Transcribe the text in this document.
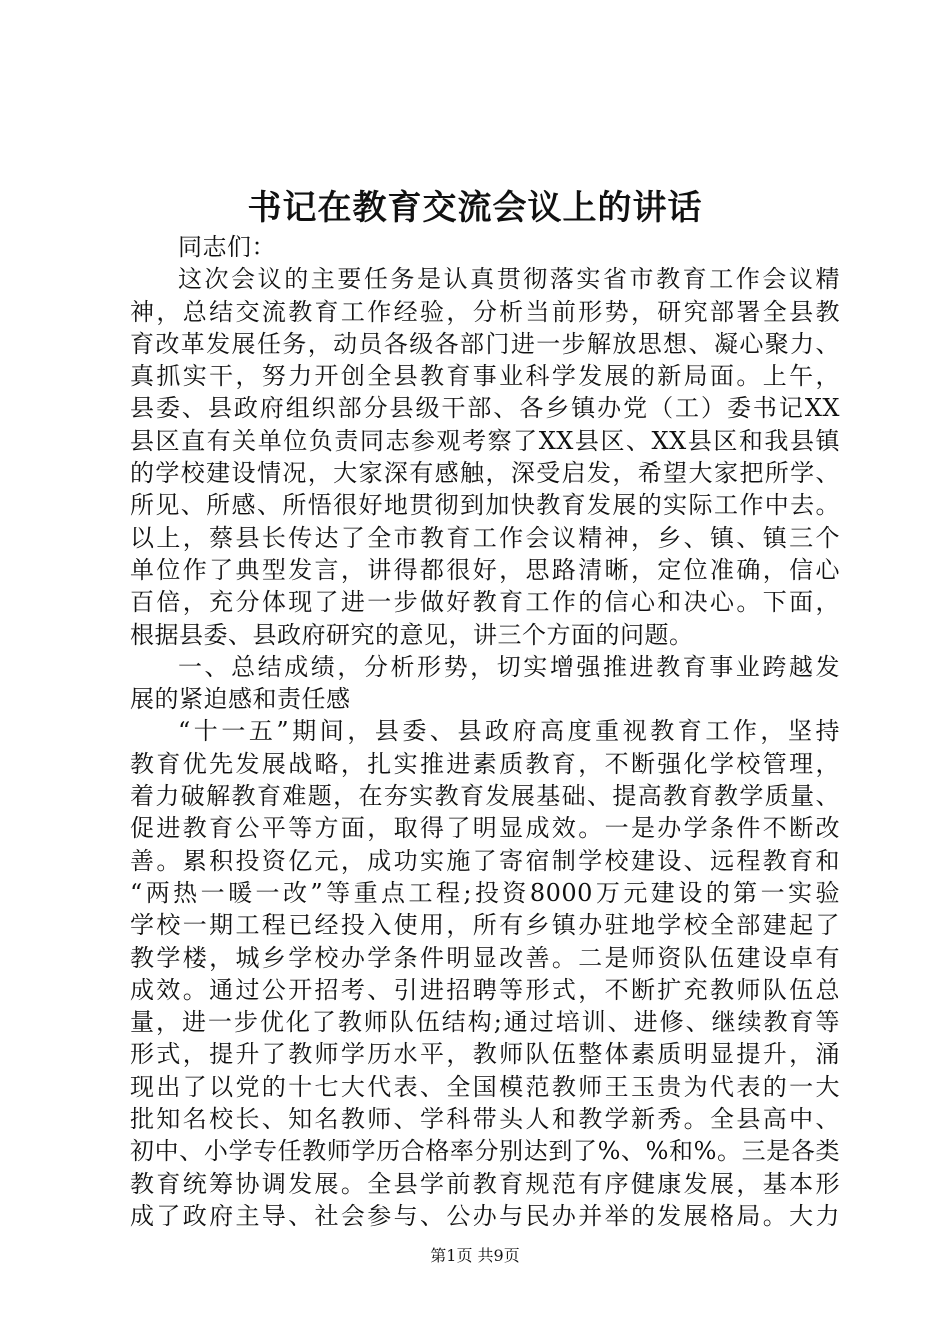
书记在教育交流会议上的讲话
同志们：
这次会议的主要任务是认真贯彻落实省市教育工作会议精
神，总结交流教育工作经验，分析当前形势，研究部署全县教
育改革发展任务，动员各级各部门进一步解放思想、凝心聚力、
真抓实干，努力开创全县教育事业科学发展的新局面。上午，
县委、县政府组织部分县级干部、各乡镇办党（工）委书记XX
县区直有关单位负责同志参观考察了XX县区、XX县区和我县镇
的学校建设情况，大家深有感触，深受启发，希望大家把所学、
所见、所感、所悟很好地贯彻到加快教育发展的实际工作中去。
以上，蔡县长传达了全市教育工作会议精神，乡、镇、镇三个
单位作了典型发言，讲得都很好，思路清晰，定位准确，信心
百倍，充分体现了进一步做好教育工作的信心和决心。下面，
根据县委、县政府研究的意见，讲三个方面的问题。
一、总结成绩，分析形势，切实增强推进教育事业跨越发
展的紧迫感和责任感
“十一五”期间，县委、县政府高度重视教育工作，坚持
教育优先发展战略，扎实推进素质教育，不断强化学校管理，
着力破解教育难题，在夯实教育发展基础、提高教育教学质量、
促进教育公平等方面，取得了明显成效。一是办学条件不断改
善。累积投资亿元，成功实施了寄宿制学校建设、远程教育和
“两热一暖一改”等重点工程;投资8000万元建设的第一实验
学校一期工程已经投入使用，所有乡镇办驻地学校全部建起了
教学楼，城乡学校办学条件明显改善。二是师资队伍建设卓有
成效。通过公开招考、引进招聘等形式，不断扩充教师队伍总
量，进一步优化了教师队伍结构;通过培训、进修、继续教育等
形式，提升了教师学历水平，教师队伍整体素质明显提升，涌
现出了以党的十七大代表、全国模范教师王玉贵为代表的一大
批知名校长、知名教师、学科带头人和教学新秀。全县高中、
初中、小学专任教师学历合格率分别达到了%、%和%。三是各类
教育统筹协调发展。全县学前教育规范有序健康发展，基本形
成了政府主导、社会参与、公办与民办并举的发展格局。大力
第1页 共9页
